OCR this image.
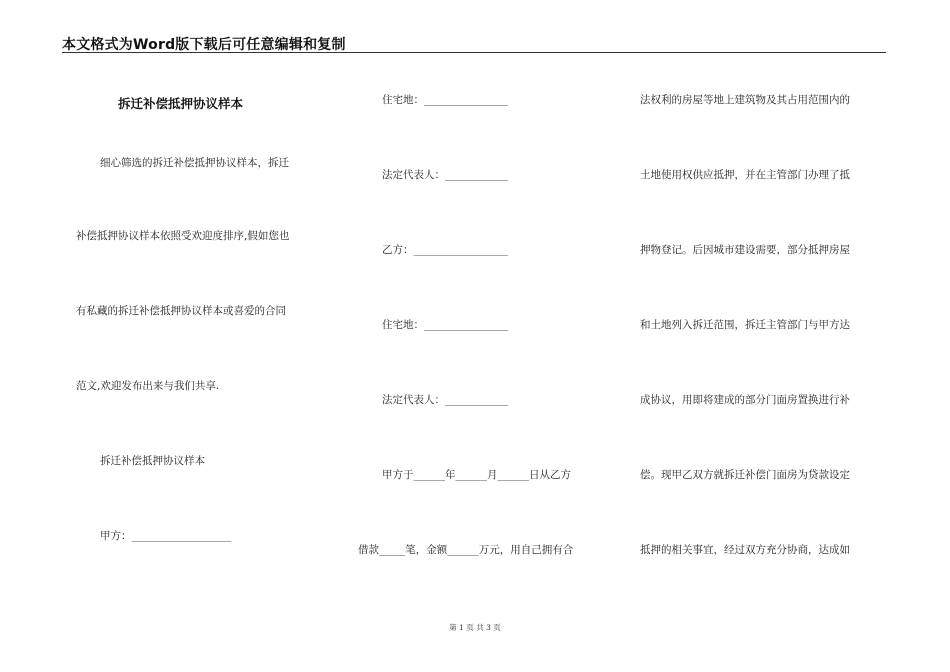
本文格式为Word版下载后可任意编辑和复制
拆迁补偿抵押协议样本
细心筛选的拆迁补偿抵押协议样本，拆迁
补偿抵押协议样本依照受欢迎度排序,假如您也
有私藏的拆迁补偿抵押协议样本或喜爱的合同
范文,欢迎发布出来与我们共享.
拆迁补偿抵押协议样本
甲方：___________________
住宅地：________________
法定代表人：____________
乙方：__________________
住宅地：________________
法定代表人：____________
甲方于______年______月______日从乙方
借款_____笔，金额______万元，用自己拥有合
法权利的房屋等地上建筑物及其占用范围内的
土地使用权供应抵押，并在主管部门办理了抵
押物登记。后因城市建设需要，部分抵押房屋
和土地列入拆迁范围，拆迁主管部门与甲方达
成协议，用即将建成的部分门面房置换进行补
偿。现甲乙双方就拆迁补偿门面房为贷款设定
抵押的相关事宜，经过双方充分协商，达成如
第 1 页 共 3 页
